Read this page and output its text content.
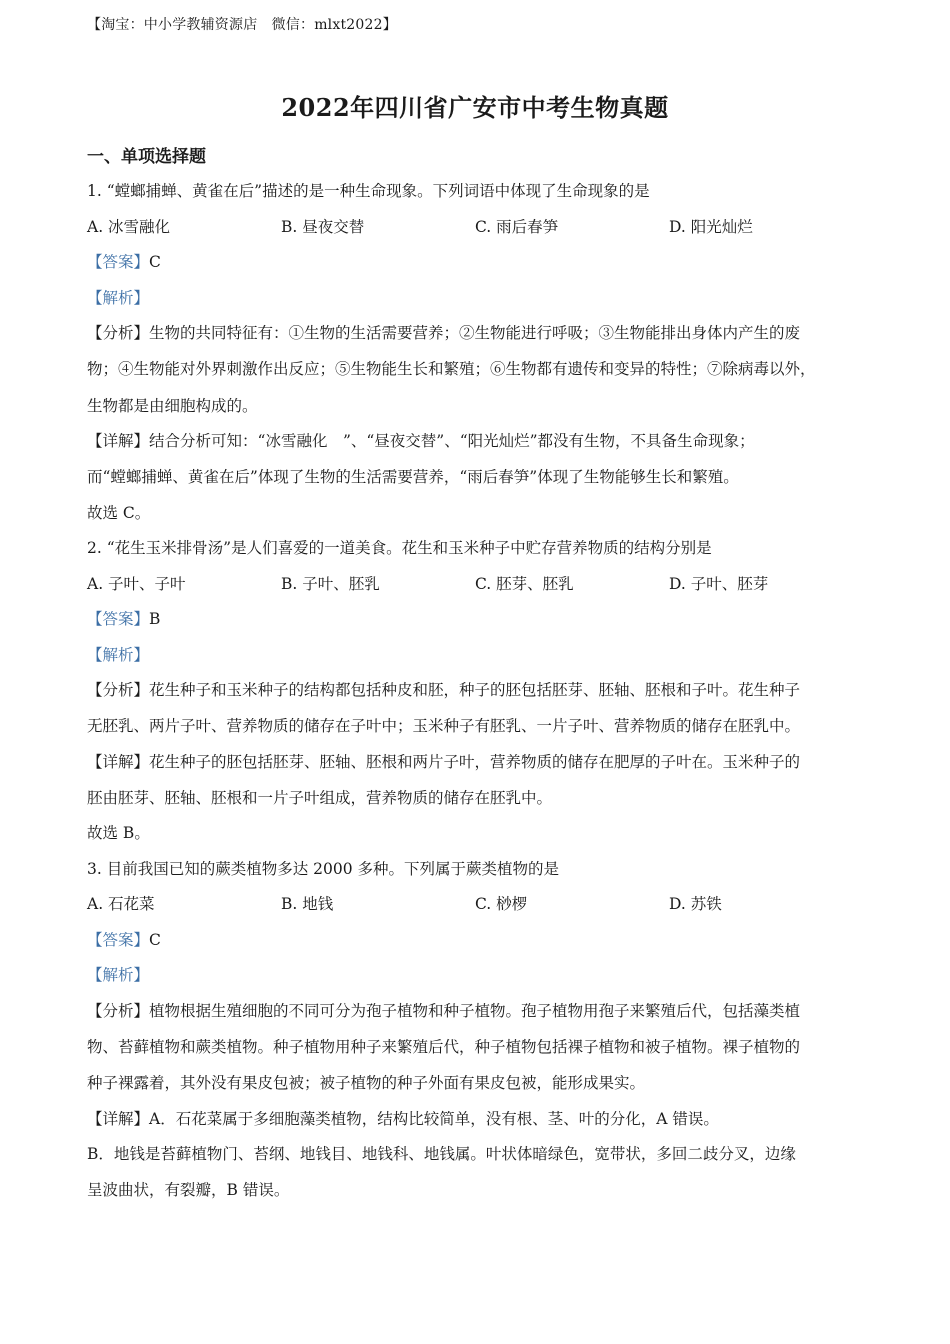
【淘宝：中小学教辅资源店　微信：mlxt2022】
2022年四川省广安市中考生物真题
一、单项选择题
1. “螳螂捕蝉、黄雀在后”描述的是一种生命现象。下列词语中体现了生命现象的是
A. 冰雪融化	B. 昼夜交替	C. 雨后春笋	D. 阳光灿烂
【答案】C
【解析】
【分析】生物的共同特征有：①生物的生活需要营养；②生物能进行呼吸；③生物能排出身体内产生的废
物；④生物能对外界刺激作出反应；⑤生物能生长和繁殖；⑥生物都有遗传和变异的特性；⑦除病毒以外，
生物都是由细胞构成的。
【详解】结合分析可知：“冰雪融化　”、“昼夜交替”、“阳光灿烂”都没有生物，不具备生命现象；
而“螳螂捕蝉、黄雀在后”体现了生物的生活需要营养，“雨后春笋”体现了生物能够生长和繁殖。
故选 C。
2. “花生玉米排骨汤”是人们喜爱的一道美食。花生和玉米种子中贮存营养物质的结构分别是
A. 子叶、子叶	B. 子叶、胚乳	C. 胚芽、胚乳	D. 子叶、胚芽
【答案】B
【解析】
【分析】花生种子和玉米种子的结构都包括种皮和胚，种子的胚包括胚芽、胚轴、胚根和子叶。花生种子
无胚乳、两片子叶、营养物质的储存在子叶中；玉米种子有胚乳、一片子叶、营养物质的储存在胚乳中。
【详解】花生种子的胚包括胚芽、胚轴、胚根和两片子叶，营养物质的储存在肥厚的子叶在。玉米种子的
胚由胚芽、胚轴、胚根和一片子叶组成，营养物质的储存在胚乳中。
故选 B。
3. 目前我国已知的蕨类植物多达 2000 多种。下列属于蕨类植物的是
A. 石花菜	B. 地钱	C. 桫椤	D. 苏铁
【答案】C
【解析】
【分析】植物根据生殖细胞的不同可分为孢子植物和种子植物。孢子植物用孢子来繁殖后代，包括藻类植
物、苔藓植物和蕨类植物。种子植物用种子来繁殖后代，种子植物包括裸子植物和被子植物。裸子植物的
种子裸露着，其外没有果皮包被；被子植物的种子外面有果皮包被，能形成果实。
【详解】A．石花菜属于多细胞藻类植物，结构比较简单，没有根、茎、叶的分化，A 错误。
B．地钱是苔藓植物门、苔纲、地钱目、地钱科、地钱属。叶状体暗绿色，宽带状，多回二歧分叉，边缘
呈波曲状，有裂瓣，B 错误。
